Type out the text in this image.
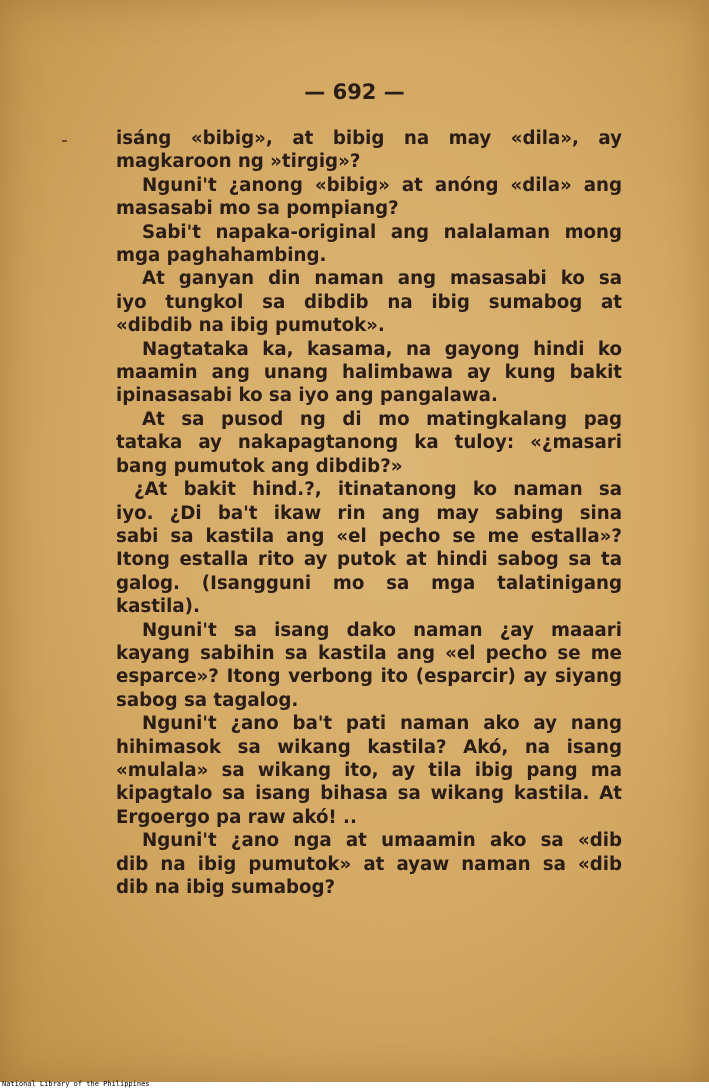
— 692 —
isáng «bibig», at bibig na may «dila», ay
magkaroon ng »tirgig»?
Nguni't ¿anong «bibig» at anóng «dila» ang
masasabi mo sa pompiang?
Sabi't napaka-original ang nalalaman mong
mga paghahambing.
At ganyan din naman ang masasabi ko sa
iyo tungkol sa dibdib na ibig sumabog at
«dibdib na ibig pumutok».
Nagtataka ka, kasama, na gayong hindi ko
maamin ang unang halimbawa ay kung bakit
ipinasasabi ko sa iyo ang pangalawa.
At sa pusod ng di mo matingkalang pag
tataka ay nakapagtanong ka tuloy: «¿masari
bang pumutok ang dibdib?»
¿At bakit hind.?, itinatanong ko naman sa
iyo. ¿Di ba't ikaw rin ang may sabing sina
sabi sa kastila ang «el pecho se me estalla»?
Itong estalla rito ay putok at hindi sabog sa ta
galog. (Isangguni mo sa mga talatinigang
kastila).
Nguni't sa isang dako naman ¿ay maaari
kayang sabihin sa kastila ang «el pecho se me
esparce»? Itong verbong ito (esparcir) ay siyang
sabog sa tagalog.
Nguni't ¿ano ba't pati naman ako ay nang
hihimasok sa wikang kastila? Akó, na isang
«mulala» sa wikang ito, ay tila ibig pang ma
kipagtalo sa isang bihasa sa wikang kastila. At
Ergoergo pa raw akó! ..
Nguni't ¿ano nga at umaamin ako sa «dib
dib na ibig pumutok» at ayaw naman sa «dib
dib na ibig sumabog?
National Library of the Philippines
